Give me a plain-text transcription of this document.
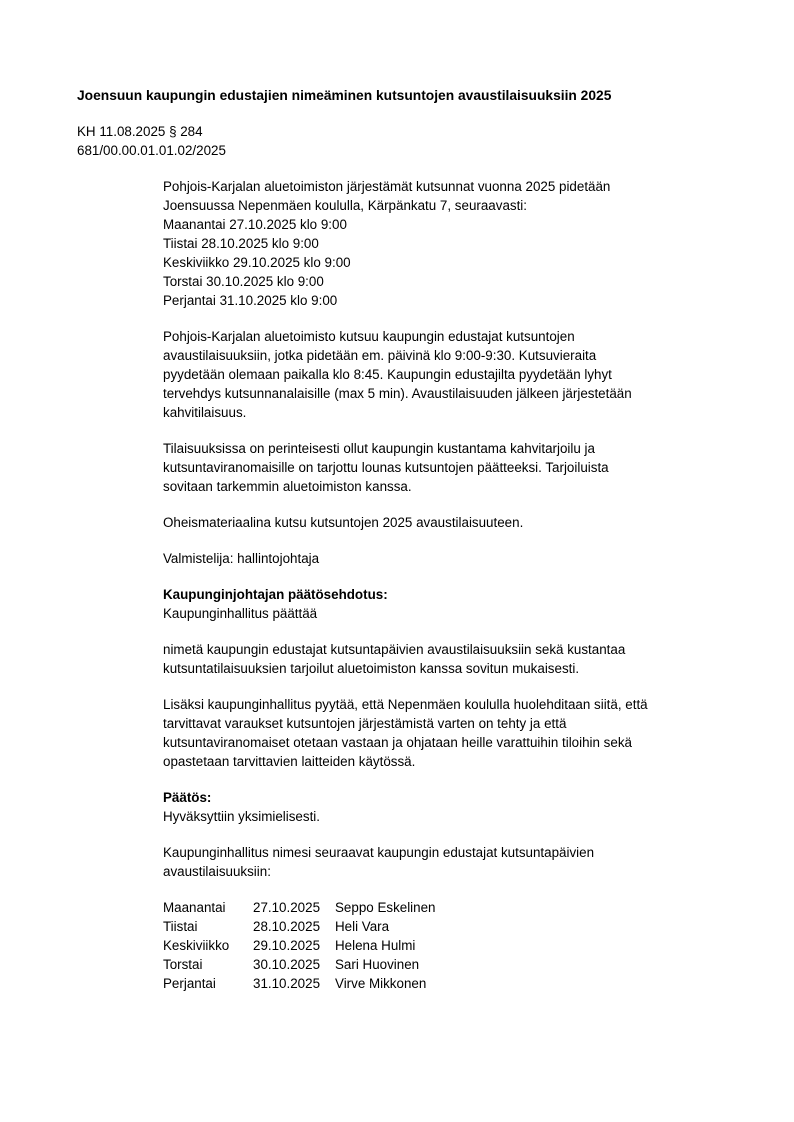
Joensuun kaupungin edustajien nimeäminen kutsuntojen avaustilaisuuksiin 2025
KH 11.08.2025 § 284
681/00.00.01.01.02/2025
Pohjois-Karjalan aluetoimiston järjestämät kutsunnat vuonna 2025 pidetään
Joensuussa Nepenmäen koululla, Kärpänkatu 7, seuraavasti:
Maanantai 27.10.2025 klo 9:00
Tiistai 28.10.2025 klo 9:00
Keskiviikko 29.10.2025 klo 9:00
Torstai 30.10.2025 klo 9:00
Perjantai 31.10.2025 klo 9:00
Pohjois-Karjalan aluetoimisto kutsuu kaupungin edustajat kutsuntojen
avaustilaisuuksiin, jotka pidetään em. päivinä klo 9:00-9:30. Kutsuvieraita
pyydetään olemaan paikalla klo 8:45. Kaupungin edustajilta pyydetään lyhyt
tervehdys kutsunnanalaisille (max 5 min). Avaustilaisuuden jälkeen järjestetään
kahvitilaisuus.
Tilaisuuksissa on perinteisesti ollut kaupungin kustantama kahvitarjoilu ja
kutsuntaviranomaisille on tarjottu lounas kutsuntojen päätteeksi. Tarjoiluista
sovitaan tarkemmin aluetoimiston kanssa.
Oheismateriaalina kutsu kutsuntojen 2025 avaustilaisuuteen.
Valmistelija: hallintojohtaja
Kaupunginjohtajan päätösehdotus:
Kaupunginhallitus päättää
nimetä kaupungin edustajat kutsuntapäivien avaustilaisuuksiin sekä kustantaa
kutsuntatilaisuuksien tarjoilut aluetoimiston kanssa sovitun mukaisesti.
Lisäksi kaupunginhallitus pyytää, että Nepenmäen koululla huolehditaan siitä, että
tarvittavat varaukset kutsuntojen järjestämistä varten on tehty ja että
kutsuntaviranomaiset otetaan vastaan ja ohjataan heille varattuihin tiloihin sekä
opastetaan tarvittavien laitteiden käytössä.
Päätös:
Hyväksyttiin yksimielisesti.
Kaupunginhallitus nimesi seuraavat kaupungin edustajat kutsuntapäivien
avaustilaisuuksiin:
Maanantai	27.10.2025	Seppo Eskelinen
Tiistai	28.10.2025	Heli Vara
Keskiviikko	29.10.2025	Helena Hulmi
Torstai	30.10.2025	Sari Huovinen
Perjantai	31.10.2025	Virve Mikkonen
